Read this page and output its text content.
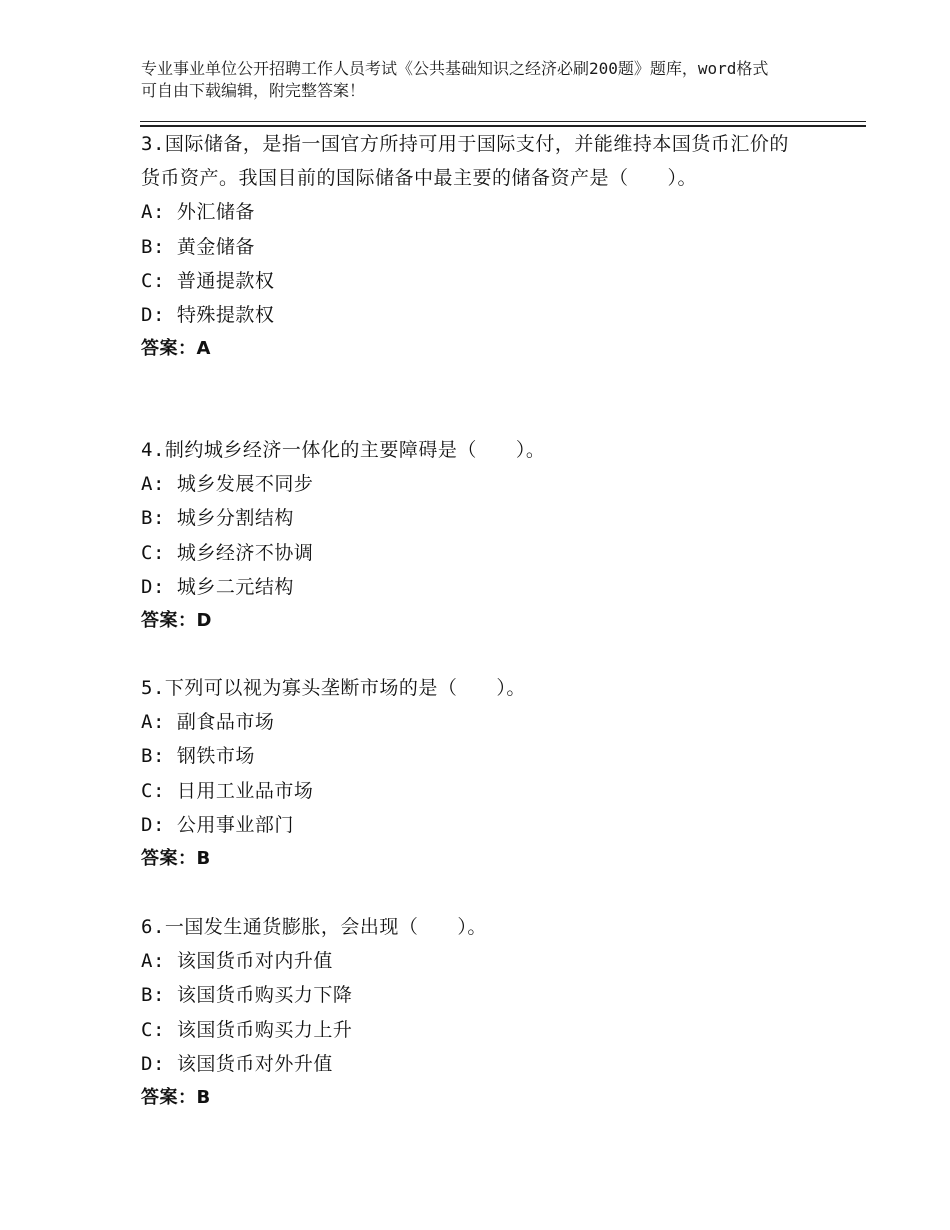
专业事业单位公开招聘工作人员考试《公共基础知识之经济必刷200题》题库，word格式可自由下载编辑，附完整答案！
3.国际储备，是指一国官方所持可用于国际支付，并能维持本国货币汇价的货币资产。我国目前的国际储备中最主要的储备资产是（　　）。
A: 外汇储备
B: 黄金储备
C: 普通提款权
D: 特殊提款权
答案：A
4.制约城乡经济一体化的主要障碍是（　　）。
A: 城乡发展不同步
B: 城乡分割结构
C: 城乡经济不协调
D: 城乡二元结构
答案：D
5.下列可以视为寡头垄断市场的是（　　）。
A: 副食品市场
B: 钢铁市场
C: 日用工业品市场
D: 公用事业部门
答案：B
6.一国发生通货膨胀，会出现（　　）。
A: 该国货币对内升值
B: 该国货币购买力下降
C: 该国货币购买力上升
D: 该国货币对外升值
答案：B
